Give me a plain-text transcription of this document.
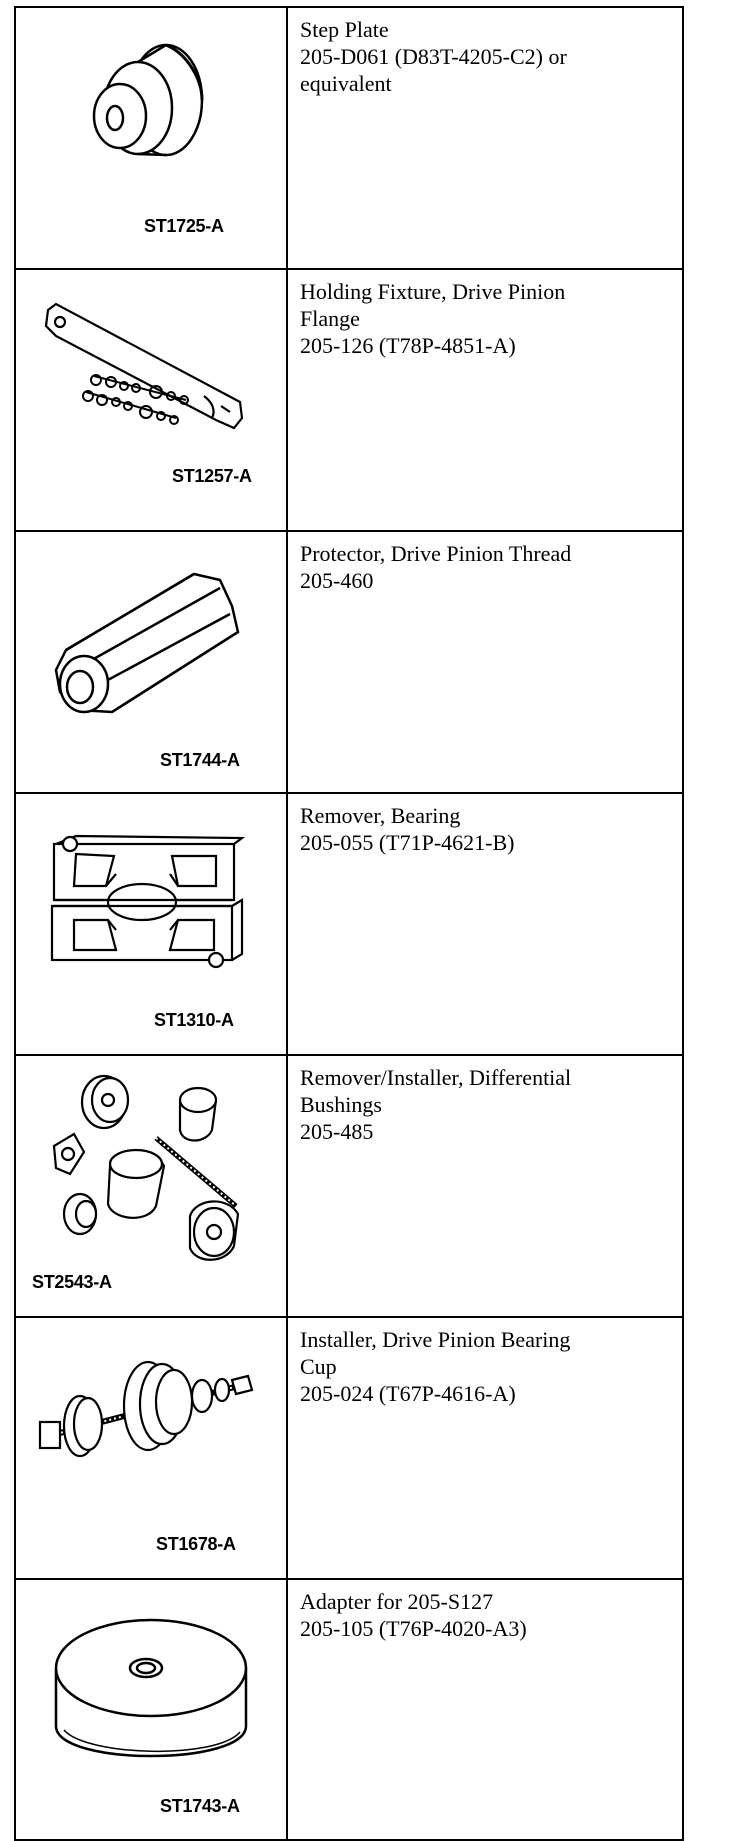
ST1725-A	Step Plate
205-D061 (D83T-4205-C2) or
equivalent

ST1257-A	Holding Fixture, Drive Pinion
Flange
205-126 (T78P-4851-A)

ST1744-A	Protector, Drive Pinion Thread
205-460

ST1310-A	Remover, Bearing
205-055 (T71P-4621-B)

ST2543-A	Remover/Installer, Differential
Bushings
205-485

ST1678-A	Installer, Drive Pinion Bearing
Cup
205-024 (T67P-4616-A)

ST1743-A	Adapter for 205-S127
205-105 (T76P-4020-A3)
